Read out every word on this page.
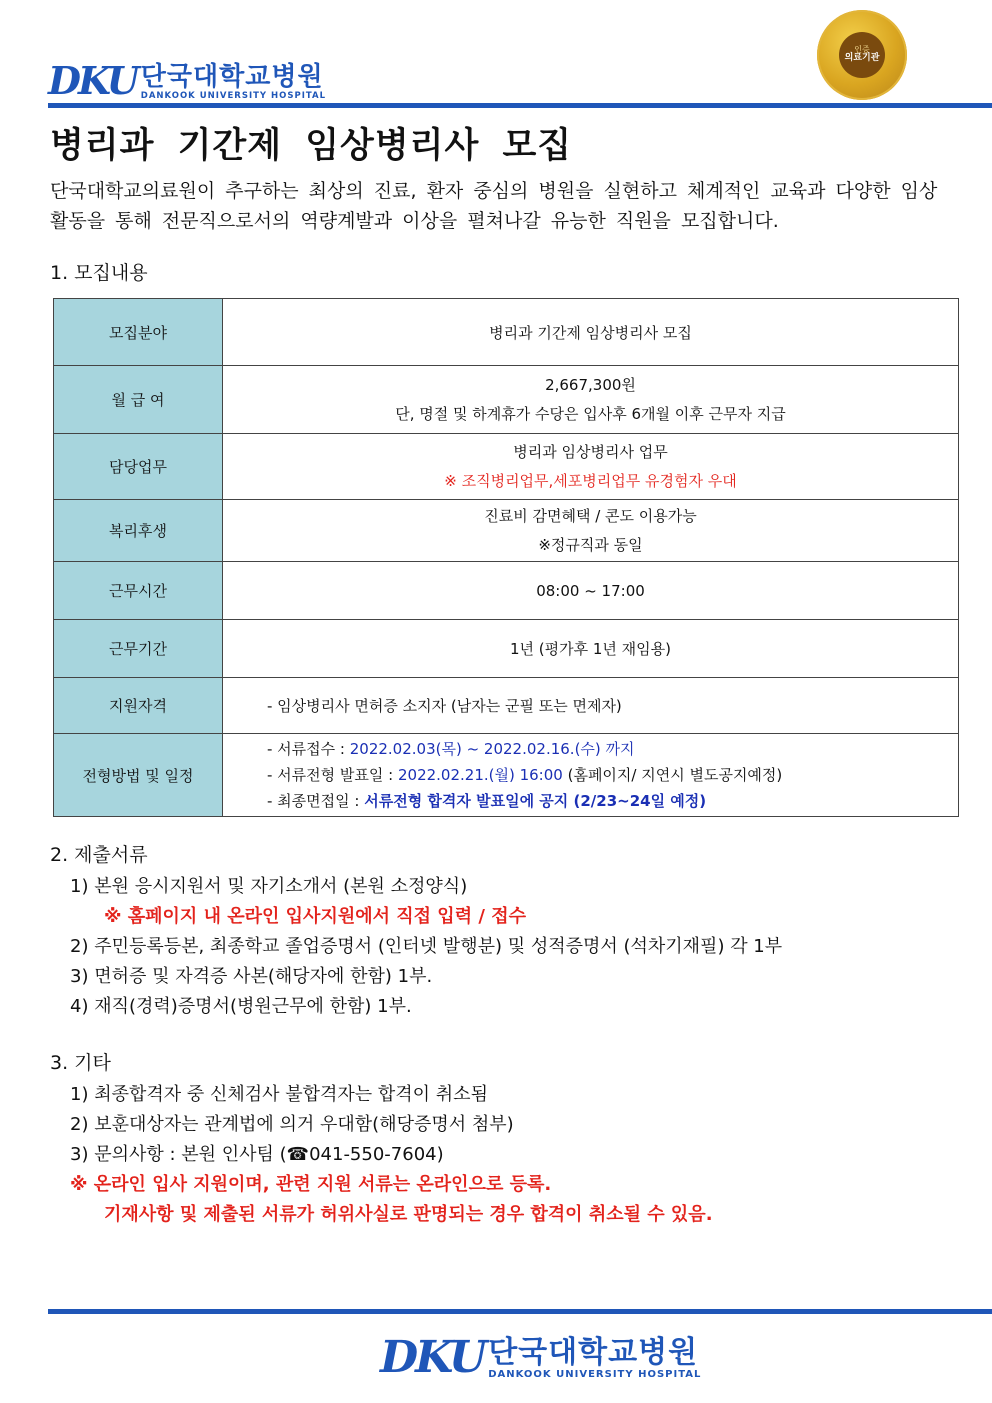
DKU 단국대학교병원
DANKOOK UNIVERSITY HOSPITAL
인증
의료기관
병리과 기간제 임상병리사 모집
단국대학교의료원이 추구하는 최상의 진료, 환자 중심의 병원을 실현하고 체계적인 교육과 다양한 임상활동을 통해 전문직으로서의 역량계발과 이상을 펼쳐나갈 유능한 직원을 모집합니다.
1. 모집내용
모집분야	병리과 기간제 임상병리사 모집
월 급 여	2,667,300원
단, 명절 및 하계휴가 수당은 입사후 6개월 이후 근무자 지급

담당업무	병리과 임상병리사 업무
※ 조직병리업무,세포병리업무 유경험자 우대

복리후생	진료비 감면혜택 / 콘도 이용가능
※정규직과 동일

근무시간	08:00 ~ 17:00
근무기간	1년 (평가후 1년 재임용)
지원자격	- 임상병리사 면허증 소지자 (남자는 군필 또는 면제자)
전형방법 및 일정	- 서류접수 : 2022.02.03(목) ~ 2022.02.16.(수) 까지
- 서류전형 발표일 : 2022.02.21.(월) 16:00 (홈페이지/ 지연시 별도공지예정)
- 최종면접일 : 서류전형 합격자 발표일에 공지 (2/23~24일 예정)
2. 제출서류
1) 본원 응시지원서 및 자기소개서 (본원 소정양식)
※ 홈페이지 내 온라인 입사지원에서 직접 입력 / 접수
2) 주민등록등본, 최종학교 졸업증명서 (인터넷 발행분) 및 성적증명서 (석차기재필) 각 1부
3) 면허증 및 자격증 사본(해당자에 한함) 1부.
4) 재직(경력)증명서(병원근무에 한함) 1부.
3. 기타
1) 최종합격자 중 신체검사 불합격자는 합격이 취소됨
2) 보훈대상자는 관계법에 의거 우대함(해당증명서 첨부)
3) 문의사항 : 본원 인사팀 (☎041-550-7604)
※ 온라인 입사 지원이며, 관련 지원 서류는 온라인으로 등록.
기재사항 및 제출된 서류가 허위사실로 판명되는 경우 합격이 취소될 수 있음.
DKU 단국대학교병원
DANKOOK UNIVERSITY HOSPITAL
